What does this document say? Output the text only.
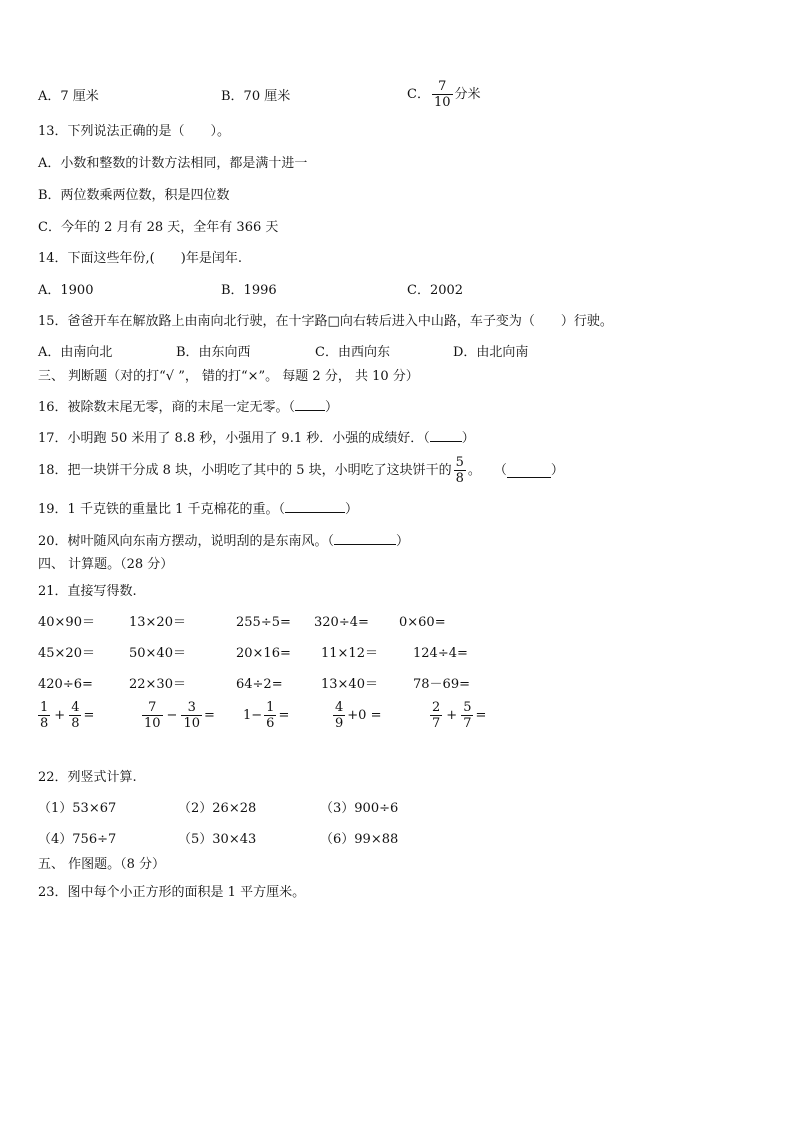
A．7 厘米	B．70 厘米	C． $\frac{7}{10}$ 分米
13．下列说法正确的是（　　）。
A．小数和整数的计数方法相同，都是满十进一
B．两位数乘两位数，积是四位数
C．今年的 2 月有 28 天，全年有 366 天
14．下面这些年份,(　　)年是闰年.
A．1900	B．1996	C．2002
15．爸爸开车在解放路上由南向北行驶，在十字路□向右转后进入中山路，车子变为（　　）行驶。
A．由南向北	B．由东向西	C．由西向东	D．由北向南
三、 判断题（对的打“√ ”， 错的打“×”。 每题 2 分， 共 10 分）
16．被除数末尾无零，商的末尾一定无零。（ ）
17．小明跑 50 米用了 8.8 秒，小强用了 9.1 秒．小强的成绩好．（ ）
18．把一块饼干分成 8 块，小明吃了其中的 5 块，小明吃了这块饼干的 $\frac{5}{8}$ 。　　（	）
19．1 千克铁的重量比 1 千克棉花的重。（	）
20．树叶随风向东南方摆动，说明刮的是东南风。（	）
四、 计算题。（28 分）
21．直接写得数.
40×90＝	13×20＝	255÷5= 320÷4= 0×60=
45×20＝	50×40＝	20×16= 11×12＝	124÷4=
420÷6=	22×30＝	64÷2=	13×40＝	78－69=
$\frac{1}{8} + \frac{4}{8}$ =	$\frac{7}{10} - \frac{3}{10} = 1- \frac{1}{6}$ =	$\frac{4}{9} +0$ =	$\frac{2}{7} + \frac{5}{7}$ =
22．列竖式计算.
（1）53×67	（2）26×28	（3）900÷6
（4）756÷7	（5）30×43	（6）99×88
五、 作图题。（8 分）
23．图中每个小正方形的面积是 1 平方厘米。
